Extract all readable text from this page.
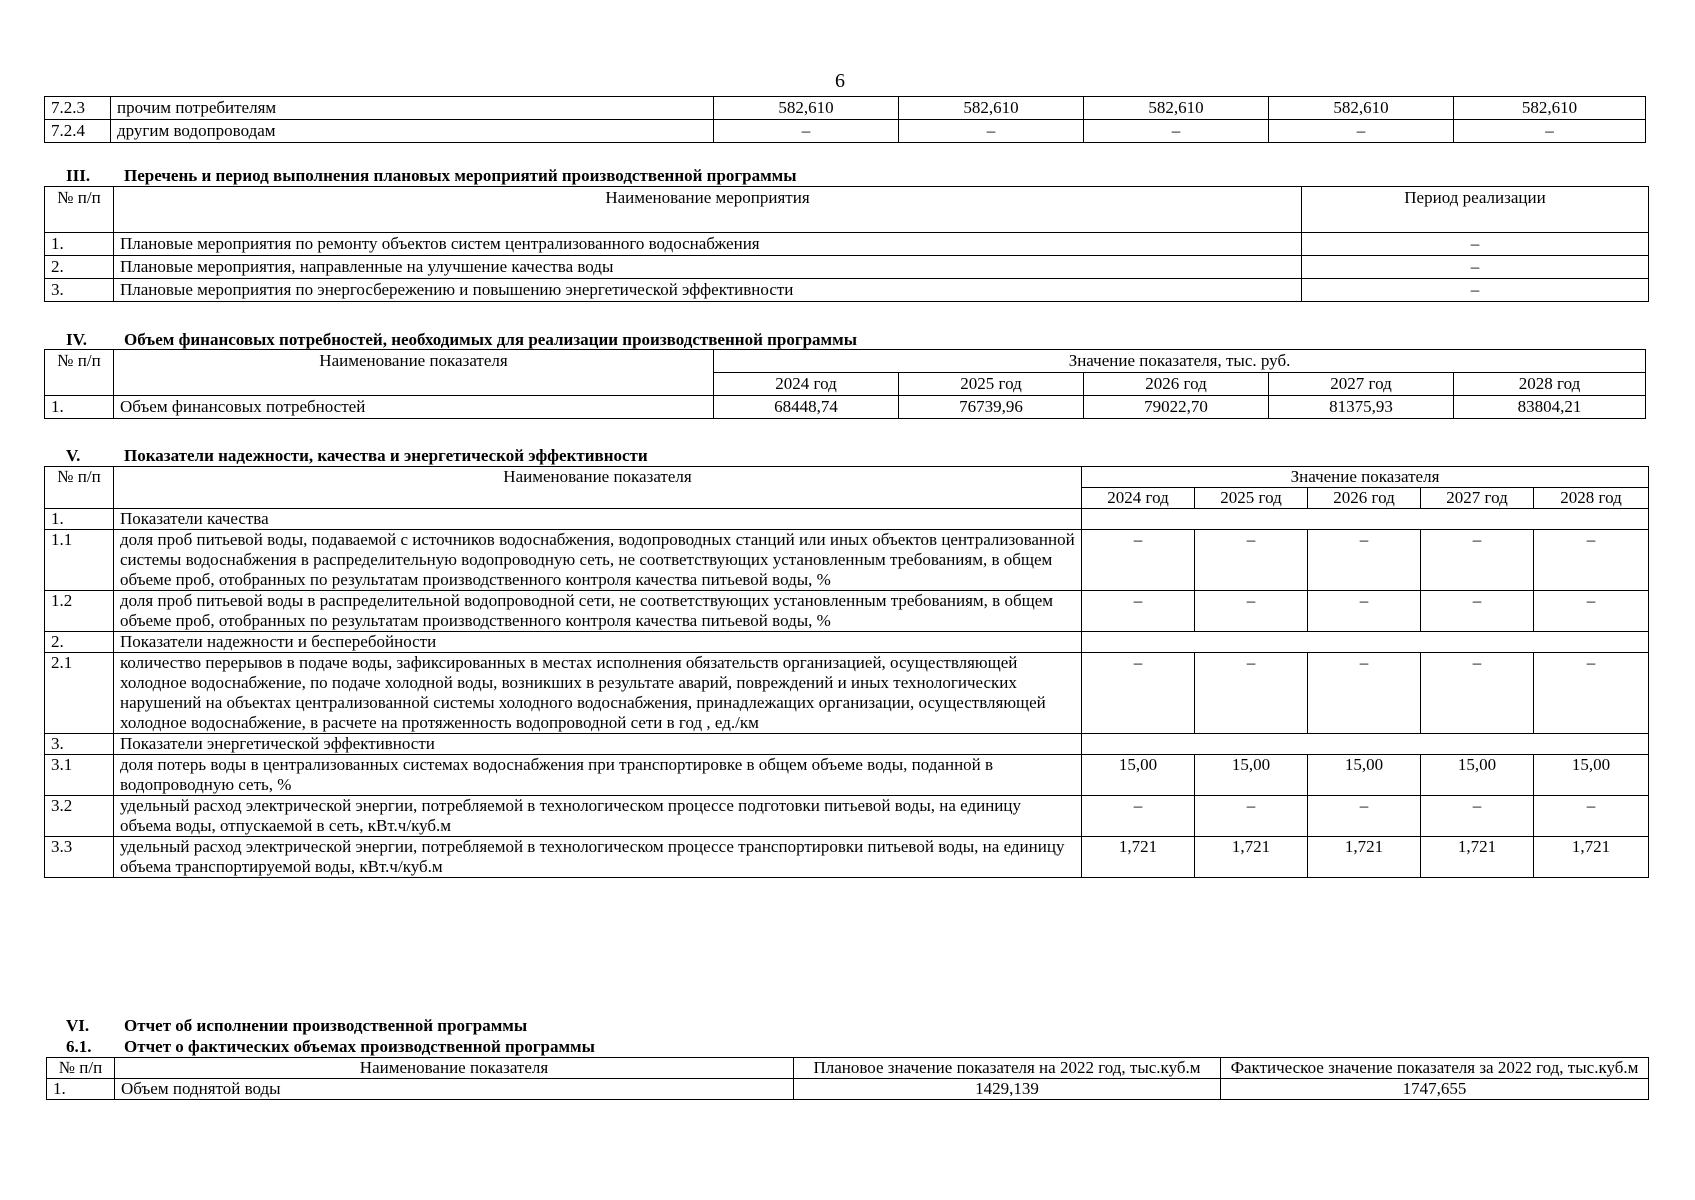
6
7.2.3	прочим потребителям	582,610	582,610	582,610	582,610	582,610
7.2.4	другим водопроводам	–	–	–	–	–
III. Перечень и период выполнения плановых мероприятий производственной программы
№ п/п	Наименование мероприятия	Период реализации
1.	Плановые мероприятия по ремонту объектов систем централизованного водоснабжения	–
2.	Плановые мероприятия, направленные на улучшение качества воды	–
3.	Плановые мероприятия по энергосбережению и повышению энергетической эффективности	–
IV. Объем финансовых потребностей, необходимых для реализации производственной программы
№ п/п	Наименование показателя	Значение показателя, тыс. руб.				
		2024 год	2025 год	2026 год	2027 год	2028 год
1.	Объем финансовых потребностей	68448,74	76739,96	79022,70	81375,93	83804,21
V.	Показатели надежности, качества и энергетической эффективности
№ п/п	Наименование показателя	Значение показателя				
		2024 год	2025 год	2026 год	2027 год	2028 год
1.	Показатели качества					
1.1	доля проб питьевой воды, подаваемой с источников водоснабжения, водопроводных станций или иных объектов централизованной системы водоснабжения в распределительную водопроводную сеть, не соответствующих установленным требованиям, в общем объеме проб, отобранных по результатам производственного контроля качества питьевой воды, %	–	–	–	–	–
1.2	доля проб питьевой воды в распределительной водопроводной сети, не соответствующих установленным требованиям, в общем объеме проб, отобранных по результатам производственного контроля качества питьевой воды, %	–	–	–	–	–
2.	Показатели надежности и бесперебойности					
2.1	количество перерывов в подаче воды, зафиксированных в местах исполнения обязательств организацией, осуществляющей холодное водоснабжение, по подаче холодной воды, возникших в результате аварий, повреждений и иных технологических нарушений на объектах централизованной системы холодного водоснабжения, принадлежащих организации, осуществляющей холодное водоснабжение, в расчете на протяженность водопроводной сети в год , ед./км	–	–	–	–	–
3.	Показатели энергетической эффективности					
3.1	доля потерь воды в централизованных системах водоснабжения при транспортировке в общем объеме воды, поданной в водопроводную сеть, %	15,00	15,00	15,00	15,00	15,00
3.2	удельный расход электрической энергии, потребляемой в технологическом процессе подготовки питьевой воды, на единицу объема воды, отпускаемой в сеть, кВт.ч/куб.м	–	–	–	–	–
3.3	удельный расход электрической энергии, потребляемой в технологическом процессе транспортировки питьевой воды, на единицу объема транспортируемой воды, кВт.ч/куб.м	1,721	1,721	1,721	1,721	1,721
VI. Отчет об исполнении производственной программы
6.1. Отчет о фактических объемах производственной программы
№ п/п	Наименование показателя	Плановое значение показателя на 2022 год, тыс.куб.м	Фактическое значение показателя за 2022 год, тыс.куб.м
1.	Объем поднятой воды	1429,139	1747,655
